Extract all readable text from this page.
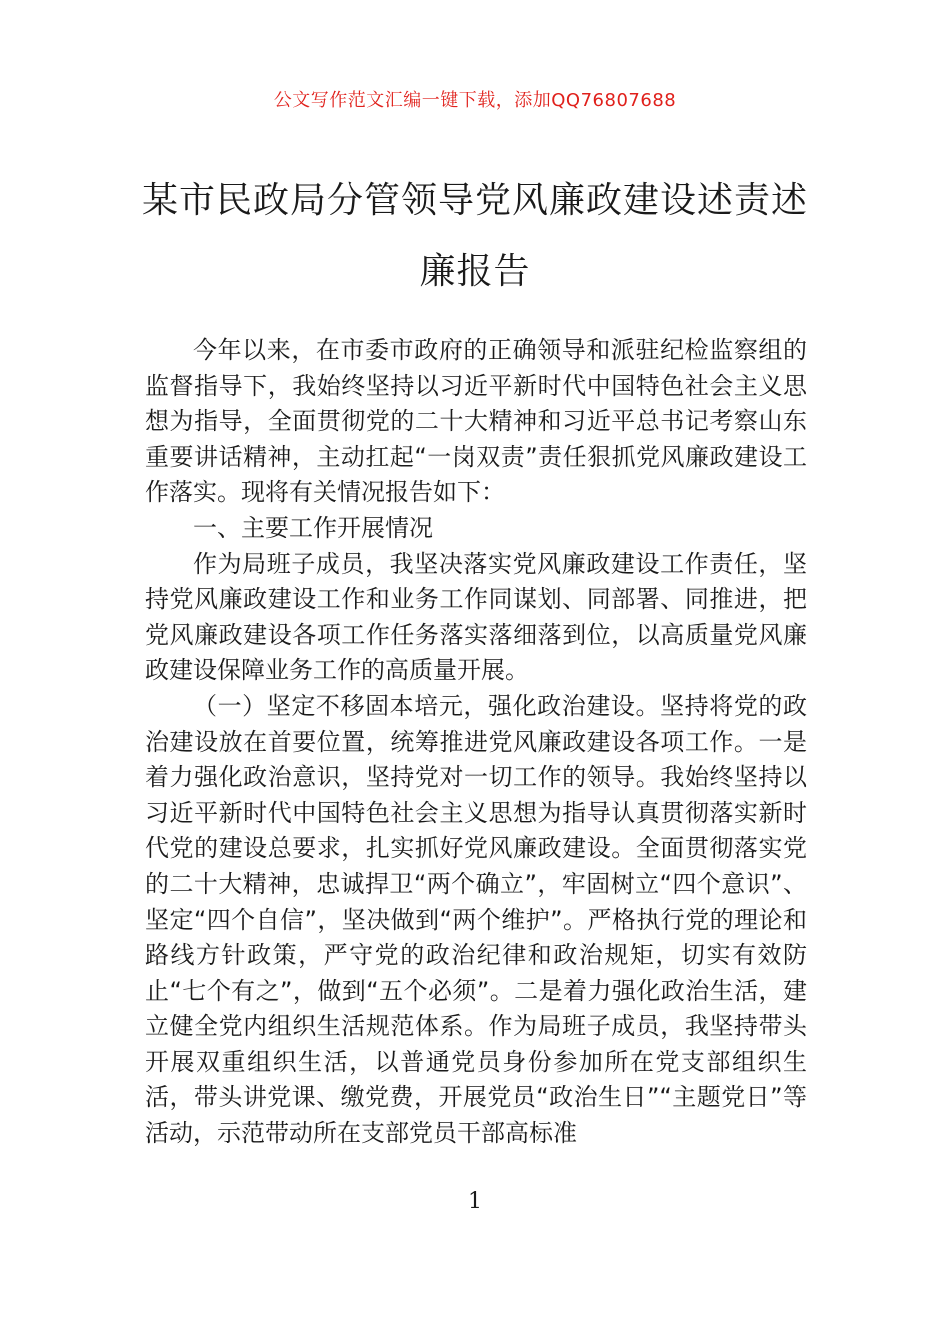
公文写作范文汇编一键下载，添加QQ76807688
某市民政局分管领导党风廉政建设述责述
廉报告

今年以来，在市委市政府的正确领导和派驻纪检监察组的监督指导下，我始终坚持以习近平新时代中国特色社会主义思想为指导，全面贯彻党的二十大精神和习近平总书记考察山东重要讲话精神，主动扛起“一岗双责”责任狠抓党风廉政建设工作落实。现将有关情况报告如下：

一、主要工作开展情况

作为局班子成员，我坚决落实党风廉政建设工作责任，坚持党风廉政建设工作和业务工作同谋划、同部署、同推进，把党风廉政建设各项工作任务落实落细落到位，以高质量党风廉政建设保障业务工作的高质量开展。

（一）坚定不移固本培元，强化政治建设。坚持将党的政治建设放在首要位置，统筹推进党风廉政建设各项工作。一是着力强化政治意识，坚持党对一切工作的领导。我始终坚持以习近平新时代中国特色社会主义思想为指导认真贯彻落实新时代党的建设总要求，扎实抓好党风廉政建设。全面贯彻落实党的二十大精神，忠诚捍卫“两个确立”，牢固树立“四个意识”、坚定“四个自信”，坚决做到“两个维护”。严格执行党的理论和路线方针政策，严守党的政治纪律和政治规矩，切实有效防止“七个有之”，做到“五个必须”。二是着力强化政治生活，建立健全党内组织生活规范体系。作为局班子成员，我坚持带头开展双重组织生活，以普通党员身份参加所在党支部组织生活，带头讲党课、缴党费，开展党员“政治生日”“主题党日”等活动，示范带动所在支部党员干部高标准

1
